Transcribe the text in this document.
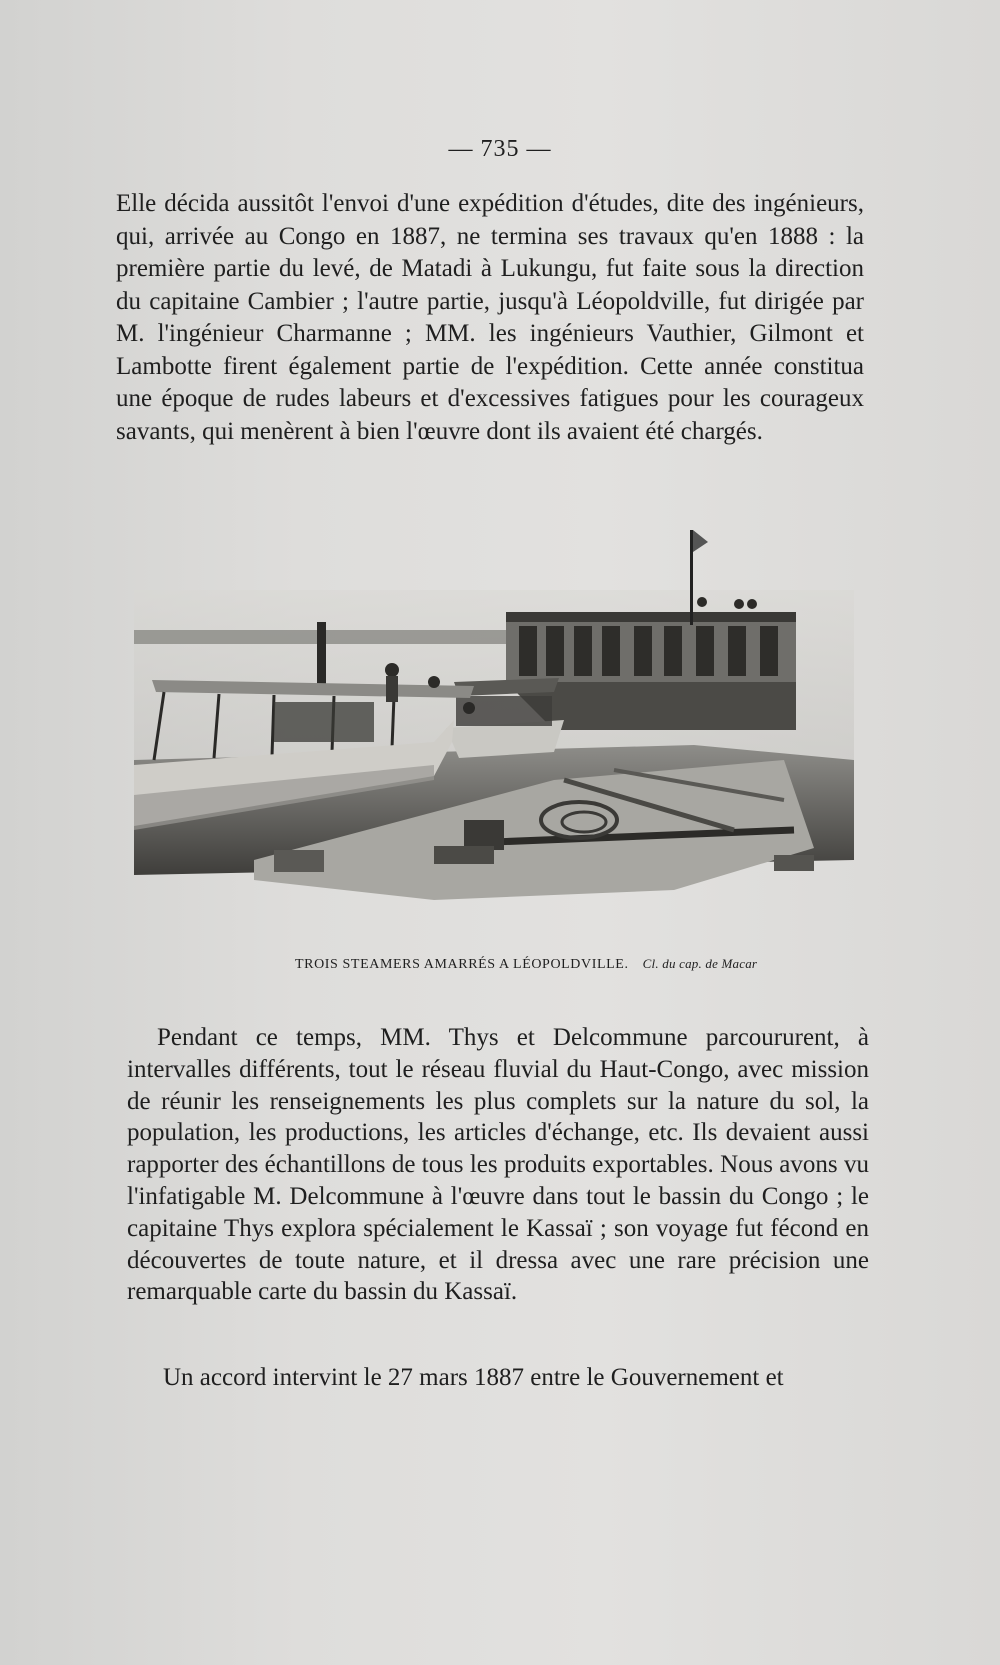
— 735 —

Elle décida aussitôt l'envoi d'une expédition d'études, dite des ingénieurs, qui, arrivée au Congo en 1887, ne termina ses travaux qu'en 1888 : la première partie du levé, de Matadi à Lukungu, fut faite sous la direction du capitaine Cambier ; l'autre partie, jusqu'à Léopoldville, fut dirigée par M. l'ingénieur Charmanne ; MM. les ingénieurs Vauthier, Gilmont et Lambotte firent également partie de l'expédition. Cette année constitua une époque de rudes labeurs et d'excessives fatigues pour les courageux savants, qui menèrent à bien l'œuvre dont ils avaient été chargés.

TROIS STEAMERS AMARRÉS A LÉOPOLDVILLE. Cl. du cap. de Macar

Pendant ce temps, MM. Thys et Delcommune parcoururent, à intervalles différents, tout le réseau fluvial du Haut-Congo, avec mission de réunir les renseignements les plus complets sur la nature du sol, la population, les productions, les articles d'échange, etc. Ils devaient aussi rapporter des échantillons de tous les produits exportables. Nous avons vu l'infatigable M. Delcommune à l'œuvre dans tout le bassin du Congo ; le capitaine Thys explora spécialement le Kassaï ; son voyage fut fécond en découvertes de toute nature, et il dressa avec une rare précision une remarquable carte du bassin du Kassaï.

Un accord intervint le 27 mars 1887 entre le Gouvernement et
